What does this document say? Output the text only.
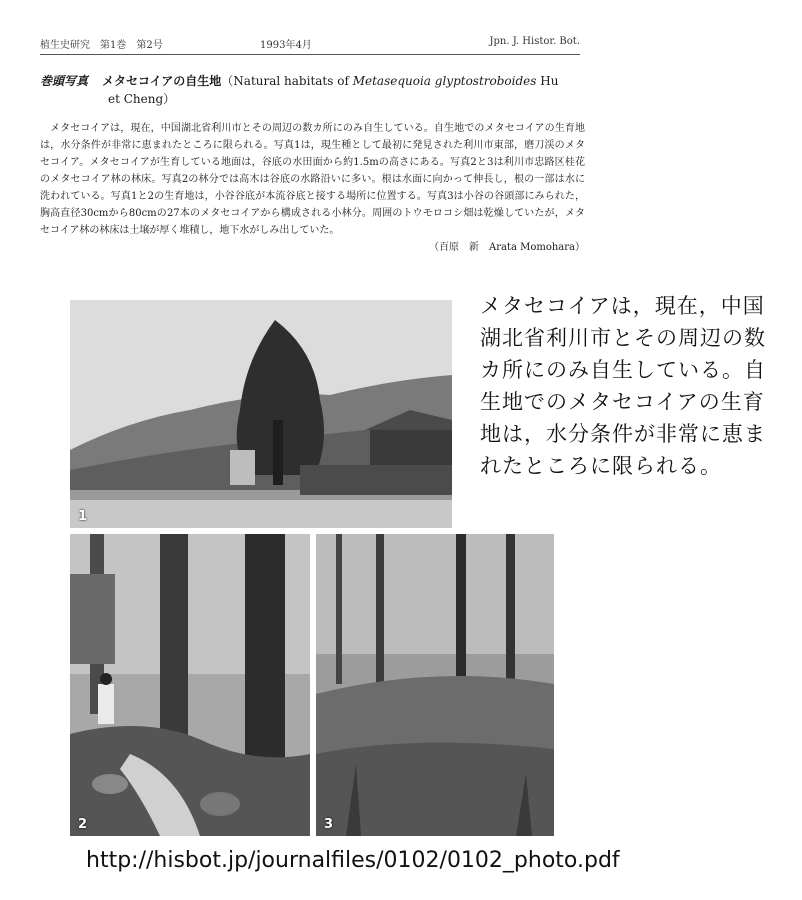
植生史研究　第1巻　第2号	1993年4月	Jpn. J. Histor. Bot.
巻頭写真 メタセコイアの自生地（Natural habitats of Metasequoia glyptostroboides Hu
et Cheng）

メタセコイアは，現在，中国湖北省利川市とその周辺の数カ所にのみ自生している。自生地でのメタセコイアの生育地は，水分条件が非常に恵まれたところに限られる。写真1は，現生種として最初に発見された利川市東部，磨刀渓のメタセコイア。メタセコイアが生育している地面は，谷底の水田面から約1.5mの高さにある。写真2と3は利川市忠路区桂花のメタセコイア林の林床。写真2の林分では高木は谷底の水路沿いに多い。根は水面に向かって伸長し，根の一部は水に洗われている。写真1と2の生育地は，小谷谷底が本流谷底と接する場所に位置する。写真3は小谷の谷頭部にみられた，胸高直径30cmから80cmの27本のメタセコイアから構成される小林分。周囲のトウモロコシ畑は乾燥していたが，メタセコイア林の林床は土壌が厚く堆積し，地下水がしみ出していた。

（百原　新　Arata Momohara）
1
2	3
メタセコイアは，現在，中国湖北省利川市とその周辺の数カ所にのみ自生している。自生地でのメタセコイアの生育地は，水分条件が非常に恵まれたところに限られる。
http://hisbot.jp/journalfiles/0102/0102_photo.pdf
